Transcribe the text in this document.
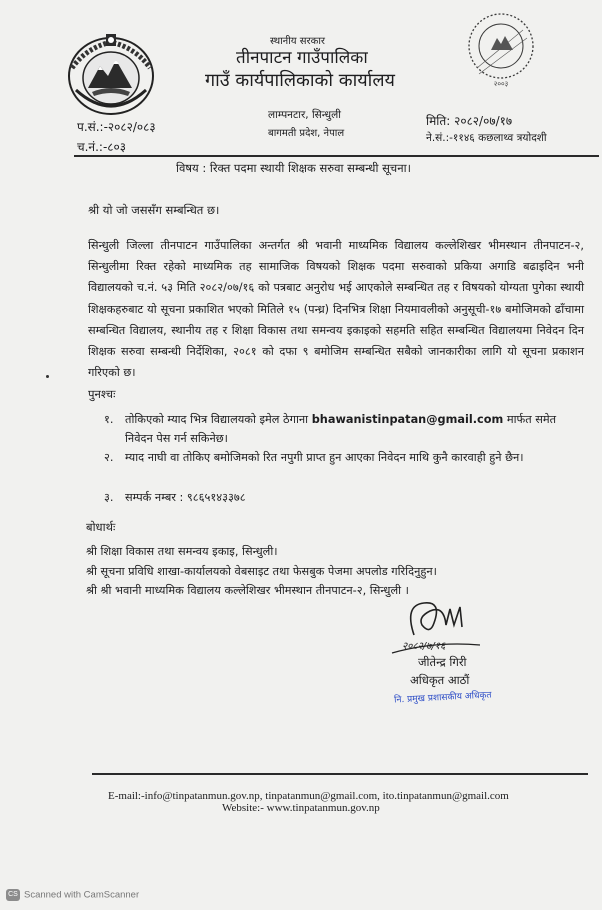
२००३
स्थानीय सरकार
तीनपाटन गाउँपालिका
गाउँ कार्यपालिकाको कार्यालय
लाम्पनटार, सिन्धुली
बागमती प्रदेश, नेपाल
प.सं.:-२०८२/०८३
च.नं.:-८०३
मिति: २०८२/०७/१७
ने.सं.:-११४६ कछलाथ्व त्रयोदशी
विषय : रिक्त पदमा स्थायी शिक्षक सरुवा सम्बन्धी सूचना।
श्री यो जो जससँग सम्बन्धित छ।
सिन्धुली जिल्ला तीनपाटन गाउँपालिका अन्तर्गत श्री भवानी माध्यमिक विद्यालय कल्लेशिखर भीमस्थान तीनपाटन-२, सिन्धुलीमा रिक्त रहेको माध्यमिक तह सामाजिक विषयको शिक्षक पदमा सरुवाको प्रकिया अगाडि बढाइदिन भनी विद्यालयको च.नं. ५३ मिति २०८२/०७/१६ को पत्रबाट अनुरोध भई आएकोले सम्बन्धित तह र विषयको योग्यता पुगेका स्थायी शिक्षकहरुबाट यो सूचना प्रकाशित भएको मितिले १५ (पन्ध्र) दिनभित्र शिक्षा नियमावलीको अनुसूची-१७ बमोजिमको ढाँचामा सम्बन्धित विद्यालय, स्थानीय तह र शिक्षा विकास तथा समन्वय इकाइको सहमति सहित सम्बन्धित विद्यालयमा निवेदन दिन शिक्षक सरुवा सम्बन्धी निर्देशिका, २०८१ को दफा ९ बमोजिम सम्बन्धित सबैको जानकारीका लागि यो सूचना प्रकाशन गरिएको छ।
पुनश्चः
१. तोकिएको म्याद भित्र विद्यालयको इमेल ठेगाना bhawanistinpatan@gmail.com मार्फत समेत निवेदन पेस गर्न सकिनेछ।
२. म्याद नाघी वा तोकिए बमोजिमको रित नपुगी प्राप्त हुन आएका निवेदन माथि कुनै कारवाही हुने छैन।
३. सम्पर्क नम्बर : ९८६५१४३३७८
बोधार्थः
श्री शिक्षा विकास तथा समन्वय इकाइ, सिन्धुली।
श्री सूचना प्रविधि शाखा-कार्यालयको वेबसाइट तथा फेसबुक पेजमा अपलोड गरिदिनुहुन।
श्री श्री भवानी माध्यमिक विद्यालय कल्लेशिखर भीमस्थान तीनपाटन-२, सिन्धुली ।
२०८२/७/१६
जीतेन्द्र गिरी
अधिकृत आठौं
नि. प्रमुख प्रशासकीय अधिकृत
E-mail:-info@tinpatanmun.gov.np, tinpatanmun@gmail.com, ito.tinpatanmun@gmail.com
Website:- www.tinpatanmun.gov.np
CS Scanned with CamScanner
